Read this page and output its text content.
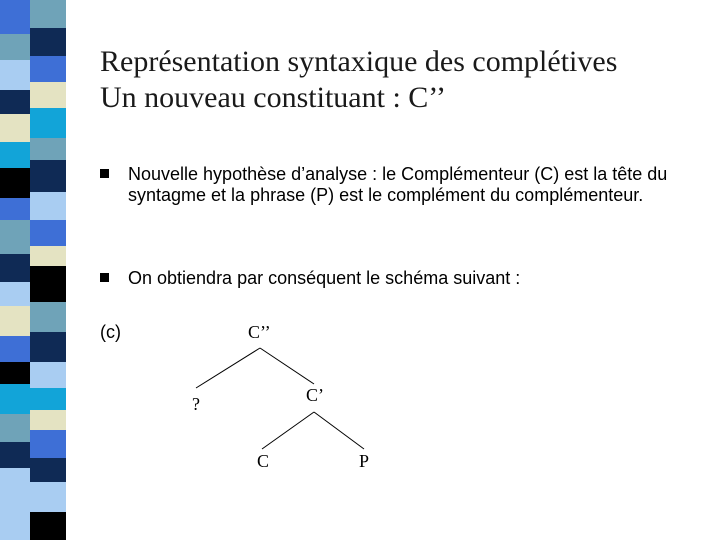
Représentation syntaxique des complétives
Un nouveau constituant : C’’
Nouvelle hypothèse d’analyse : le Complémenteur (C) est la tête du syntagme et la phrase (P) est le complément du complémenteur.
On obtiendra par conséquent le schéma suivant :
(c)	C’’
?	C’
C	P
